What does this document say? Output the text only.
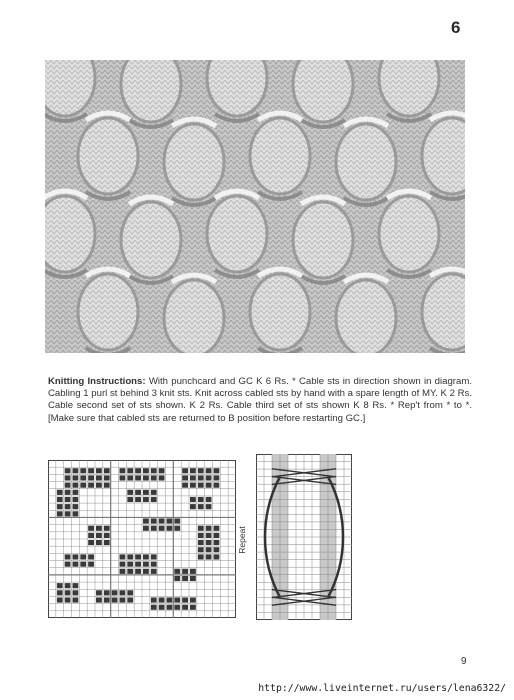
6
Knitting Instructions: With punchcard and GC K 6 Rs. * Cable sts in direction shown in diagram. Cabling 1 purl st behind 3 knit sts. Knit across cabled sts by hand with a spare length of MY. K 2 Rs. Cable second set of sts shown. K 2 Rs. Cable third set of sts shown K 8 Rs. * Rep't from * to *. [Make sure that cabled sts are returned to B position before restarting GC.]
Repeat
9
http://www.liveinternet.ru/users/lena6322/
